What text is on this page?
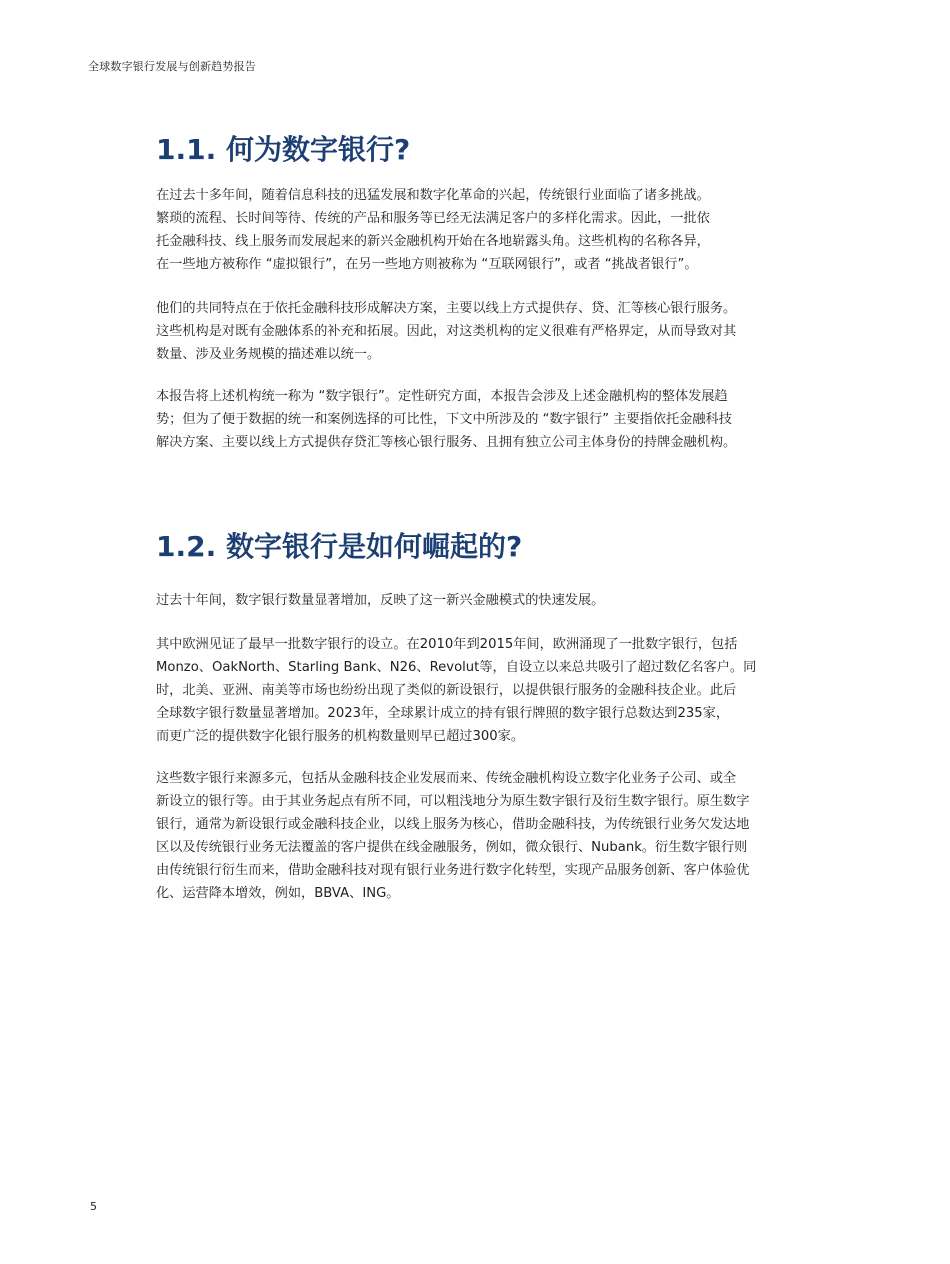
全球数字银行发展与创新趋势报告
1.1. 何为数字银行?
在过去十多年间，随着信息科技的迅猛发展和数字化革命的兴起，传统银行业面临了诸多挑战。
繁琐的流程、长时间等待、传统的产品和服务等已经无法满足客户的多样化需求。因此，一批依
托金融科技、线上服务而发展起来的新兴金融机构开始在各地崭露头角。这些机构的名称各异，
在一些地方被称作 “虚拟银行”，在另一些地方则被称为 “互联网银行”，或者 “挑战者银行”。
他们的共同特点在于依托金融科技形成解决方案，主要以线上方式提供存、贷、汇等核心银行服务。
这些机构是对既有金融体系的补充和拓展。因此，对这类机构的定义很难有严格界定，从而导致对其
数量、涉及业务规模的描述难以统一。
本报告将上述机构统一称为 “数字银行”。定性研究方面，本报告会涉及上述金融机构的整体发展趋
势；但为了便于数据的统一和案例选择的可比性，下文中所涉及的 “数字银行” 主要指依托金融科技
解决方案、主要以线上方式提供存贷汇等核心银行服务、且拥有独立公司主体身份的持牌金融机构。
1.2. 数字银行是如何崛起的?
过去十年间，数字银行数量显著增加，反映了这一新兴金融模式的快速发展。
其中欧洲见证了最早一批数字银行的设立。在2010年到2015年间，欧洲涌现了一批数字银行，包括
Monzo、OakNorth、Starling Bank、N26、Revolut等，自设立以来总共吸引了超过数亿名客户。同
时，北美、亚洲、南美等市场也纷纷出现了类似的新设银行，以提供银行服务的金融科技企业。此后
全球数字银行数量显著增加。2023年，全球累计成立的持有银行牌照的数字银行总数达到235家，
而更广泛的提供数字化银行服务的机构数量则早已超过300家。
这些数字银行来源多元，包括从金融科技企业发展而来、传统金融机构设立数字化业务子公司、或全
新设立的银行等。由于其业务起点有所不同，可以粗浅地分为原生数字银行及衍生数字银行。原生数字
银行，通常为新设银行或金融科技企业，以线上服务为核心，借助金融科技，为传统银行业务欠发达地
区以及传统银行业务无法覆盖的客户提供在线金融服务，例如，微众银行、Nubank。衍生数字银行则
由传统银行衍生而来，借助金融科技对现有银行业务进行数字化转型，实现产品服务创新、客户体验优
化、运营降本增效，例如，BBVA、ING。
5
